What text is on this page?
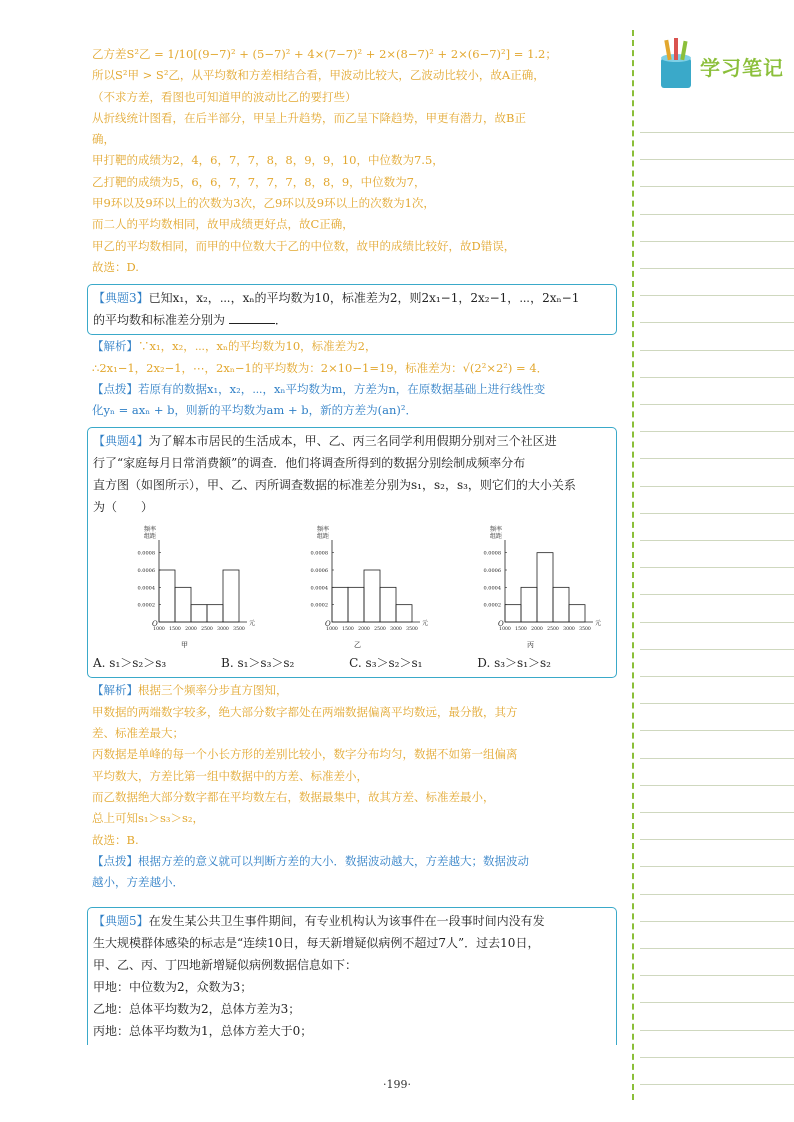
学习笔记

乙方差S²乙 = 1/10[(9−7)² + (5−7)² + 4×(7−7)² + 2×(8−7)² + 2×(6−7)²] = 1.2；

所以S²甲 > S²乙，从平均数和方差相结合看，甲波动比较大，乙波动比较小，故A正确，

（不求方差，看图也可知道甲的波动比乙的要打些）

从折线统计图看，在后半部分，甲呈上升趋势，而乙呈下降趋势，甲更有潜力，故B正

确，

甲打靶的成绩为2，4，6，7，7，8，8，9，9，10，中位数为7.5，

乙打靶的成绩为5，6，6，7，7，7，7，8，8，9，中位数为7，

甲9环以及9环以上的次数为3次，乙9环以及9环以上的次数为1次，

而二人的平均数相同，故甲成绩更好点，故C正确，

甲乙的平均数相同，而甲的中位数大于乙的中位数，故甲的成绩比较好，故D错误，

故选：D.

【典题3】已知x₁，x₂，⋯，xₙ的平均数为10，标准差为2，则2x₁−1，2x₂−1，⋯，2xₙ−1

的平均数和标准差分别为	．

【解析】∵x₁，x₂，⋯，xₙ的平均数为10，标准差为2，

∴2x₁−1，2x₂−1，⋯，2xₙ−1的平均数为：2×10−1=19，标准差为：√(2²×2²) = 4．

【点拨】若原有的数据x₁，x₂，⋯，xₙ平均数为m，方差为n，在原数据基础上进行线性变

化yₙ = axₙ + b，则新的平均数为am + b，新的方差为(an)²．

【典题4】为了解本市居民的生活成本，甲、乙、丙三名同学利用假期分别对三个社区进

行了“家庭每月日常消费额”的调查．他们将调查所得到的数据分别绘制成频率分布

直方图（如图所示），甲、乙、丙所调查数据的标准差分别为s₁，s₂，s₃，则它们的大小关系

为（　　）

频率
组距
O
0.0008
0.0006
0.0004
0.0002
1000 1500 2000 2500 3000 3500
元
甲
频率
组距
O
0.0008
0.0006
0.0004
0.0002
1000 1500 2000 2500 3000 3500
元
乙
频率
组距
O
0.0008
0.0006
0.0004
0.0002
1000 1500 2000 2500 3000 3500
元
丙
A. s₁＞s₂＞s₃	B. s₁＞s₃＞s₂	C. s₃＞s₂＞s₁	D. s₃＞s₁＞s₂

【解析】根据三个频率分步直方图知，

甲数据的两端数字较多，绝大部分数字都处在两端数据偏离平均数远，最分散，其方

差、标准差最大；

丙数据是单峰的每一个小长方形的差别比较小，数字分布均匀，数据不如第一组偏离

平均数大，方差比第一组中数据中的方差、标准差小，

而乙数据绝大部分数字都在平均数左右，数据最集中，故其方差、标准差最小，

总上可知s₁＞s₃＞s₂，

故选：B.

【点拨】根据方差的意义就可以判断方差的大小．数据波动越大，方差越大；数据波动

越小，方差越小．

【典题5】在发生某公共卫生事件期间，有专业机构认为该事件在一段事时间内没有发

生大规模群体感染的标志是“连续10日，每天新增疑似病例不超过7人”．过去10日，

甲、乙、丙、丁四地新增疑似病例数据信息如下：

甲地：中位数为2，众数为3；

乙地：总体平均数为2，总体方差为3；

丙地：总体平均数为1，总体方差大于0；

·199·
